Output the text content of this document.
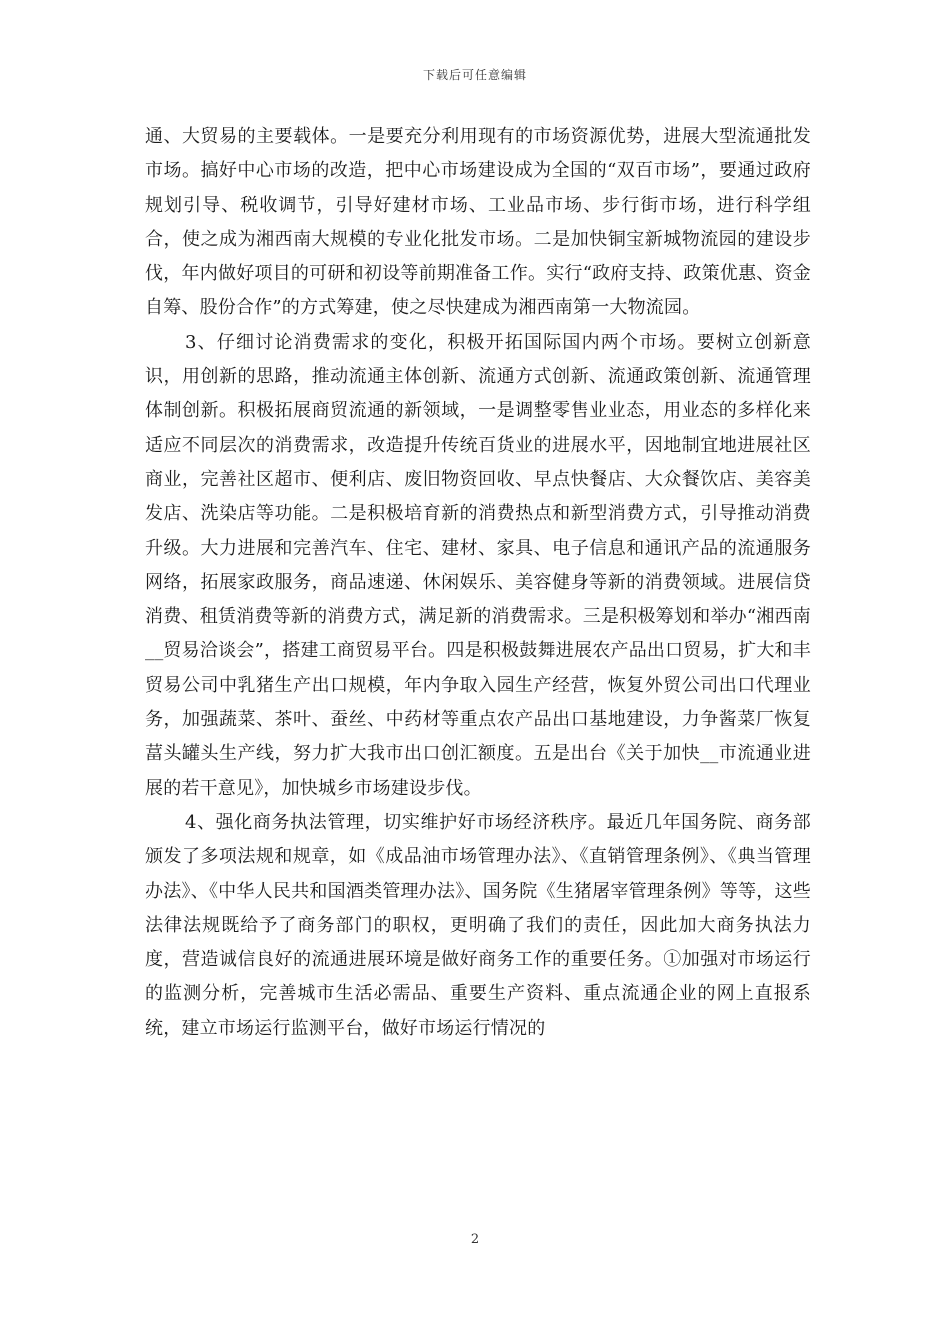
下载后可任意编辑

通、大贸易的主要载体。一是要充分利用现有的市场资源优势，进展大型流通批发市场。搞好中心市场的改造，把中心市场建设成为全国的“双百市场”，要通过政府规划引导、税收调节，引导好建材市场、工业品市场、步行街市场，进行科学组合，使之成为湘西南大规模的专业化批发市场。二是加快铜宝新城物流园的建设步伐，年内做好项目的可研和初设等前期准备工作。实行“政府支持、政策优惠、资金自筹、股份合作”的方式筹建，使之尽快建成为湘西南第一大物流园。

3、仔细讨论消费需求的变化，积极开拓国际国内两个市场。要树立创新意识，用创新的思路，推动流通主体创新、流通方式创新、流通政策创新、流通管理体制创新。积极拓展商贸流通的新领域，一是调整零售业业态，用业态的多样化来适应不同层次的消费需求，改造提升传统百货业的进展水平，因地制宜地进展社区商业，完善社区超市、便利店、废旧物资回收、早点快餐店、大众餐饮店、美容美发店、洗染店等功能。二是积极培育新的消费热点和新型消费方式，引导推动消费升级。大力进展和完善汽车、住宅、建材、家具、电子信息和通讯产品的流通服务网络，拓展家政服务，商品速递、休闲娱乐、美容健身等新的消费领域。进展信贷消费、租赁消费等新的消费方式，满足新的消费需求。三是积极筹划和举办“湘西南__贸易洽谈会”，搭建工商贸易平台。四是积极鼓舞进展农产品出口贸易，扩大和丰贸易公司中乳猪生产出口规模，年内争取入园生产经营，恢复外贸公司出口代理业务，加强蔬菜、茶叶、蚕丝、中药材等重点农产品出口基地建设，力争酱菜厂恢复葍头罐头生产线，努力扩大我市出口创汇额度。五是出台《关于加快__市流通业进展的若干意见》，加快城乡市场建设步伐。

4、强化商务执法管理，切实维护好市场经济秩序。最近几年国务院、商务部颁发了多项法规和规章，如《成品油市场管理办法》、《直销管理条例》、《典当管理办法》、《中华人民共和国酒类管理办法》、国务院《生猪屠宰管理条例》等等，这些法律法规既给予了商务部门的职权，更明确了我们的责任，因此加大商务执法力度，营造诚信良好的流通进展环境是做好商务工作的重要任务。①加强对市场运行的监测分析，完善城市生活必需品、重要生产资料、重点流通企业的网上直报系统，建立市场运行监测平台，做好市场运行情况的

2
